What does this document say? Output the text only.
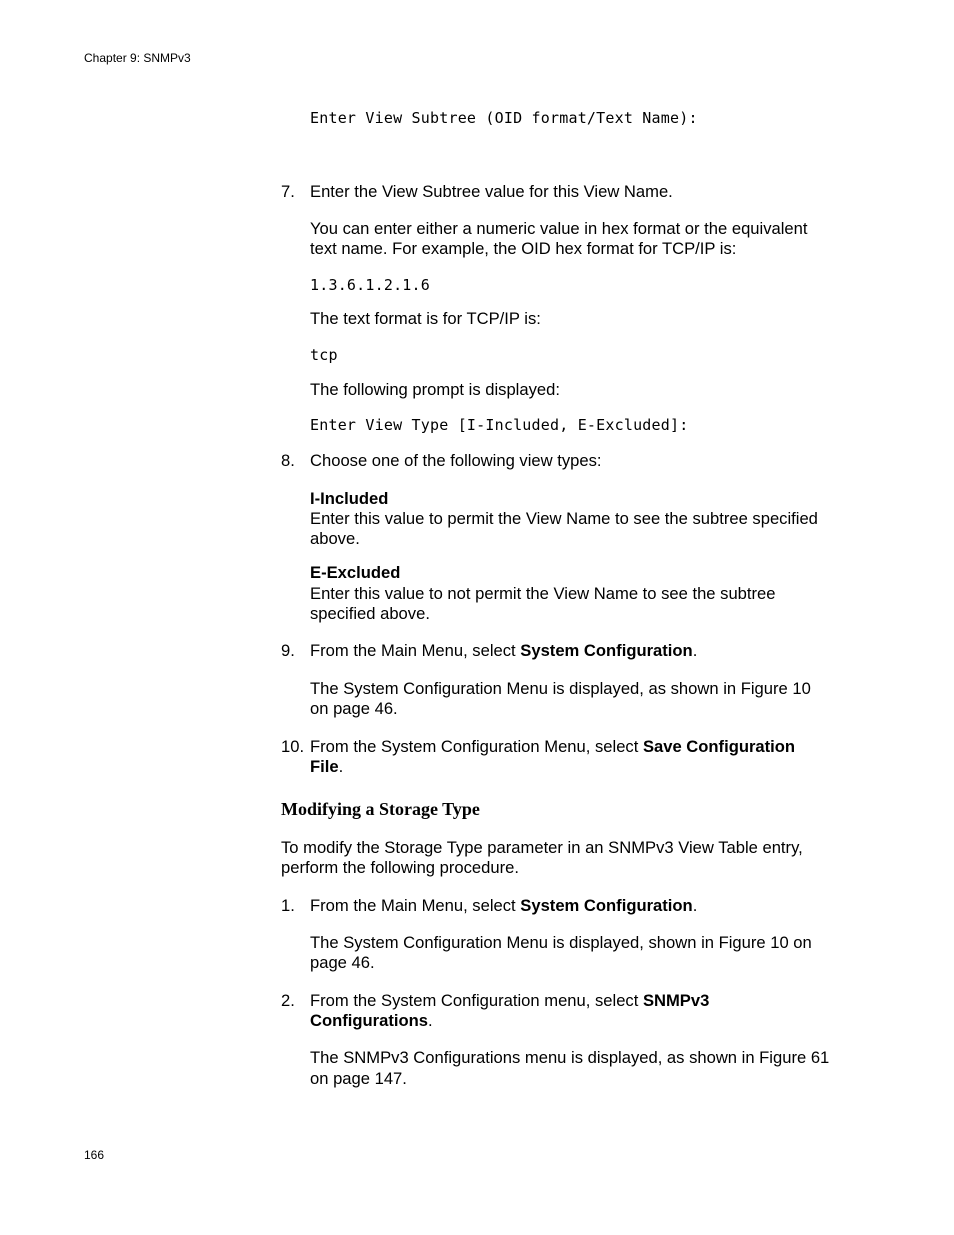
Chapter 9: SNMPv3
Enter View Subtree (OID format/Text Name):
7. Enter the View Subtree value for this View Name.
You can enter either a numeric value in hex format or the equivalent
text name. For example, the OID hex format for TCP/IP is:
1.3.6.1.2.1.6
The text format is for TCP/IP is:
tcp
The following prompt is displayed:
Enter View Type [I-Included, E-Excluded]:
8. Choose one of the following view types:
I-Included
Enter this value to permit the View Name to see the subtree specified
above.
E-Excluded
Enter this value to not permit the View Name to see the subtree
specified above.
9. From the Main Menu, select System Configuration.
The System Configuration Menu is displayed, as shown in Figure 10
on page 46.
10. From the System Configuration Menu, select Save Configuration
File.
Modifying a Storage Type
To modify the Storage Type parameter in an SNMPv3 View Table entry,
perform the following procedure.
1. From the Main Menu, select System Configuration.
The System Configuration Menu is displayed, shown in Figure 10 on
page 46.
2. From the System Configuration menu, select SNMPv3
Configurations.
The SNMPv3 Configurations menu is displayed, as shown in Figure 61
on page 147.
166
